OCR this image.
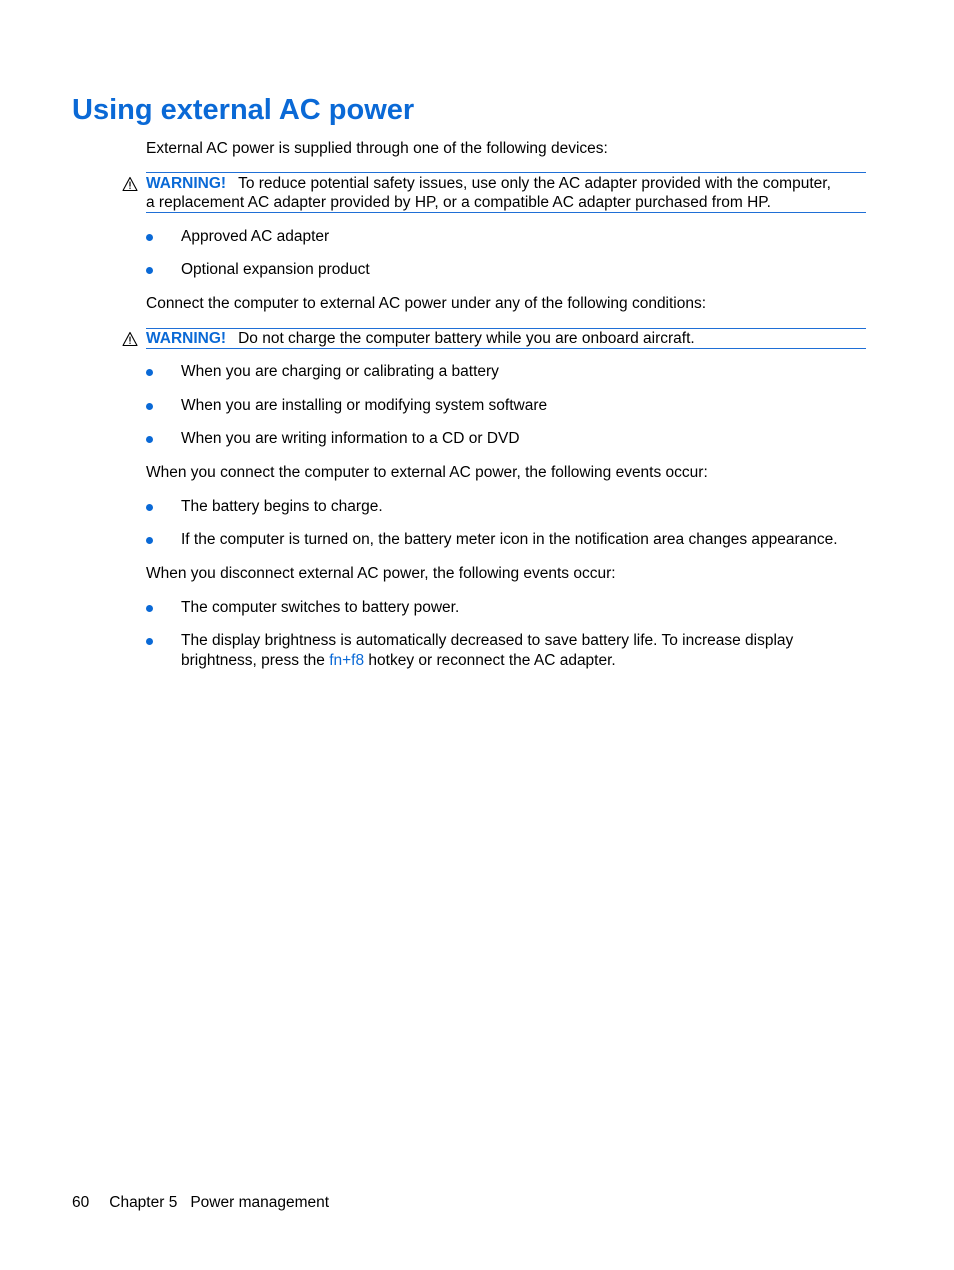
Using external AC power

External AC power is supplied through one of the following devices:

WARNING! To reduce potential safety issues, use only the AC adapter provided with the computer,
a replacement AC adapter provided by HP, or a compatible AC adapter purchased from HP.
Approved AC adapter
Optional expansion product

Connect the computer to external AC power under any of the following conditions:

WARNING! Do not charge the computer battery while you are onboard aircraft.
When you are charging or calibrating a battery
When you are installing or modifying system software
When you are writing information to a CD or DVD

When you connect the computer to external AC power, the following events occur:

The battery begins to charge.
If the computer is turned on, the battery meter icon in the notification area changes appearance.

When you disconnect external AC power, the following events occur:

The computer switches to battery power.
The display brightness is automatically decreased to save battery life. To increase display
brightness, press the fn+f8 hotkey or reconnect the AC adapter.
60 Chapter 5 Power management
